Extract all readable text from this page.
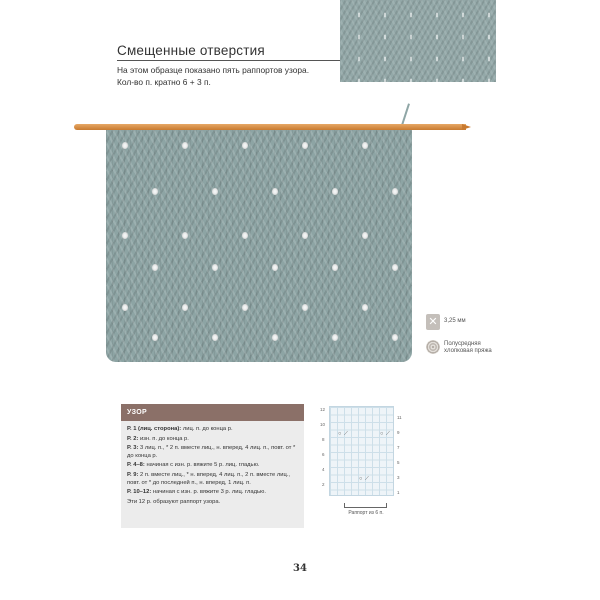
Смещенные отверстия
На этом образце показано пять раппортов узора.
Кол-во п. кратно 6 + 3 п.
✕	3,25 мм
Полусредняя
хлопковая пряжа
УЗОР
Р. 1 (лиц. сторона): лиц. п. до конца р.
Р. 2: изн. п. до конца р.
Р. 3: 3 лиц. п., * 2 п. вместе лиц., н. вперед, 4 лиц. п., повт. от * до конца р.
Р. 4–8: начиная с изн. р. вяжите 5 р. лиц. гладью.
Р. 9: 2 п. вместе лиц., * н. вперед, 4 лиц. п., 2 п. вместе лиц., повт. от * до последней п., н. вперед, 1 лиц. п.
Р. 10–12: начиная с изн. р. вяжите 3 р. лиц. гладью.
Эти 12 р. образуют раппорт узора.
○ ⟋	○ ⟋
○ ⟋
12
10
8
6
4
2
11
9
7
5
3
1
Раппорт из 6 п.
34
